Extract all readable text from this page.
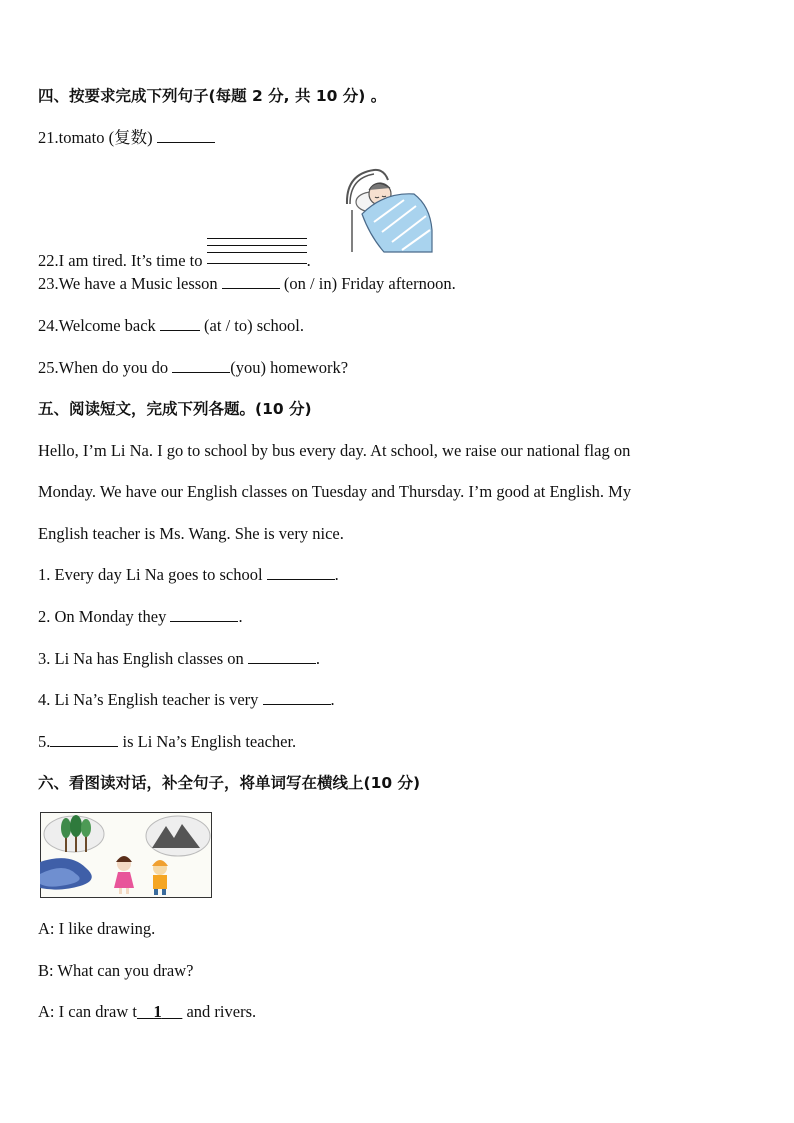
四、按要求完成下列句子(每题 2 分, 共 10 分) 。
21.tomato (复数)
22.I am tired. It’s time to	.
23.We have a Music lesson	(on / in) Friday afternoon.
24.Welcome back  (at / to) school.
25.When do you do	(you) homework?
五、阅读短文，完成下列各题。(10 分)
Hello, I’m Li Na. I go to school by bus every day. At school, we raise our national flag on
Monday. We have our English classes on Tuesday and Thursday. I’m good at English. My
English teacher is Ms. Wang. She is very nice.
1. Every day Li Na goes to school	.
2. On Monday they	.
3. Li Na has English classes on	.
4. Li Na’s English teacher is very	.
5.	is Li Na’s English teacher.
六、看图读对话，补全句子，将单词写在横线上(10 分)
A: I like drawing.
B: What can you draw?
A: I can draw t 1      and rivers.
